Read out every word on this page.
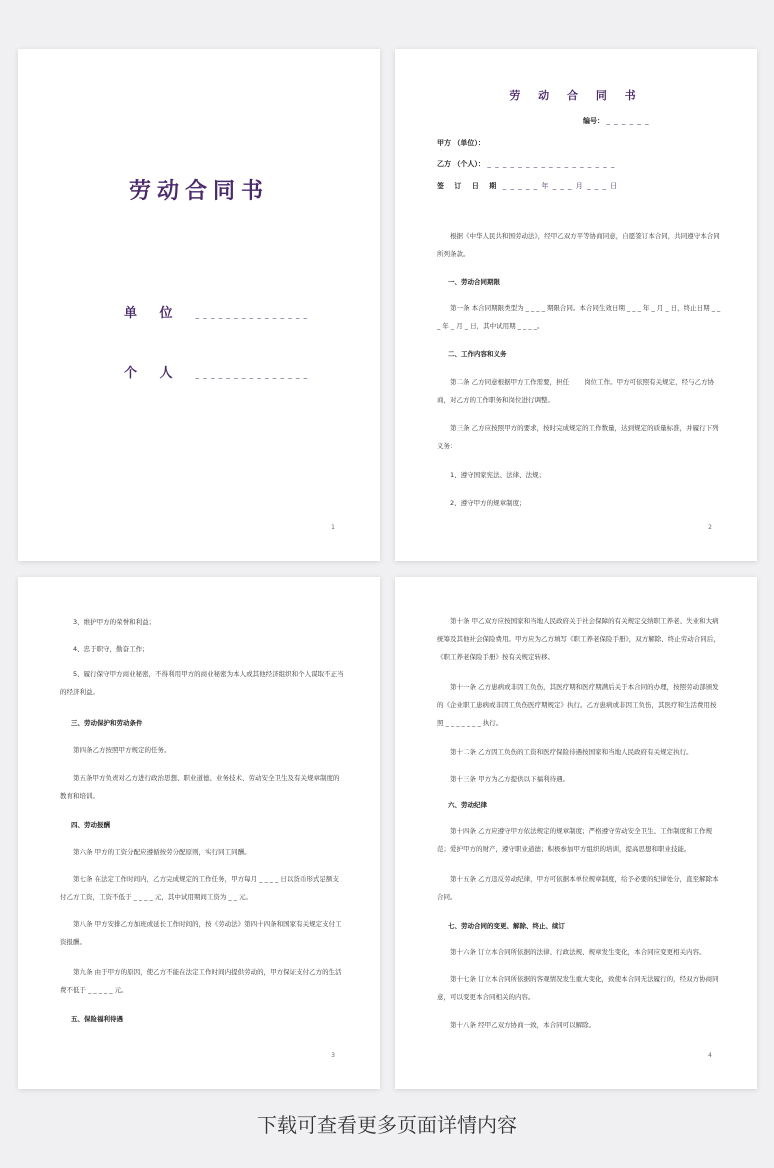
劳动合同书
单 位 _ _ _ _ _ _ _ _ _ _ _ _ _ _ _
个 人 _ _ _ _ _ _ _ _ _ _ _ _ _ _ _
1
劳 动 合 同 书
编号： _ _ _ _ _ _
甲方 （单位）：
乙方 （个人）： _ _ _ _ _ _ _ _ _ _ _ _ _ _ _ _ _
签 订 日 期 _ _ _ _ _ 年 _ _ _ 月 _ _ _ 日
根据《中华人民共和国劳动法》，经甲乙双方平等协商同意，自愿签订本合同，共同遵守本合同所列条款。
一、劳动合同期限
第一条 本合同期限类型为 _ _ _ _ 期限合同。本合同生效日期 _ _ _ 年 _ 月 _ 日，终止日期 _ _ _ 年 _ 月 _ 日，其中试用期 _ _ _ _。
二、工作内容和义务
第二条 乙方同意根据甲方工作需要，担任　　 岗位工作。甲方可依照有关规定，经与乙方协商，对乙方的工作职务和岗位进行调整。
第三条 乙方应按照甲方的要求，按时完成规定的工作数量，达到规定的质量标准，并履行下列义务：
1、遵守国家宪法、法律、法规；
2、遵守甲方的规章制度；
2
3、维护甲方的荣誉和利益；
4、忠于职守，勤奋工作；
5、履行保守甲方商业秘密，不得利用甲方的商业秘密为本人或其他经济组织和个人谋取不正当的经济利益。
三、劳动保护和劳动条件
第四条乙方按照甲方规定的任务。
第五条甲方负责对乙方进行政治思想、职业道德、业务技术、劳动安全卫生及有关规章制度的教育和培训。
四、劳动报酬
第六条 甲方的工资分配应遵循按劳分配原则，实行同工同酬。
第七条 在法定工作时间内，乙方完成规定的工作任务，甲方每月 _ _ _ _ 日以货币形式足额支付乙方工资，工资不低于 _ _ _ _ 元，其中试用期间工资为 _ _ 元。
第八条 甲方安排乙方加班或延长工作时间的，按《劳动法》第四十四条和国家有关规定支付工资报酬。
第九条 由于甲方的原因，使乙方不能在法定工作时间内提供劳动的，甲方保证支付乙方的生活费不低于 _ _ _ _ _ 元。
五、保险福利待遇
3
第十条 甲乙双方应按国家和当地人民政府关于社会保障的有关规定交纳职工养老、失业和大病统筹及其他社会保险费用。甲方应为乙方填写《职工养老保险手册》，双方解除、终止劳动合同后，《职工养老保险手册》按有关规定转移。
第十一条 乙方患病或非因工负伤，其医疗期和医疗期满后关于本合同的办理，按照劳动部颁发的《企业职工患病或非因工负伤医疗期规定》执行。乙方患病或非因工负伤，其医疗和生活费用按照 _ _ _ _ _ _ _ 执行。
第十二条 乙方因工负伤的工资和医疗保险待遇按国家和当地人民政府有关规定执行。
第十三条 甲方为乙方提供以下福利待遇。
六、劳动纪律
第十四条 乙方应遵守甲方依法规定的规章制度；严格遵守劳动安全卫生、工作制度和工作规范；爱护甲方的财产，遵守职业道德；积极参加甲方组织的培训，提高思想和职业技能。
第十五条 乙方违反劳动纪律，甲方可依据本单位规章制度，给予必要的纪律处分，直至解除本合同。
七、劳动合同的变更、解除、终止、续订
第十六条 订立本合同所依据的法律、行政法规、规章发生变化，本合同应变更相关内容。
第十七条 订立本合同所依据的客观情况发生重大变化，致使本合同无法履行的，经双方协商同意，可以变更本合同相关的内容。
第十八条 经甲乙双方协商一致，本合同可以解除。
4
下载可查看更多页面详情内容
